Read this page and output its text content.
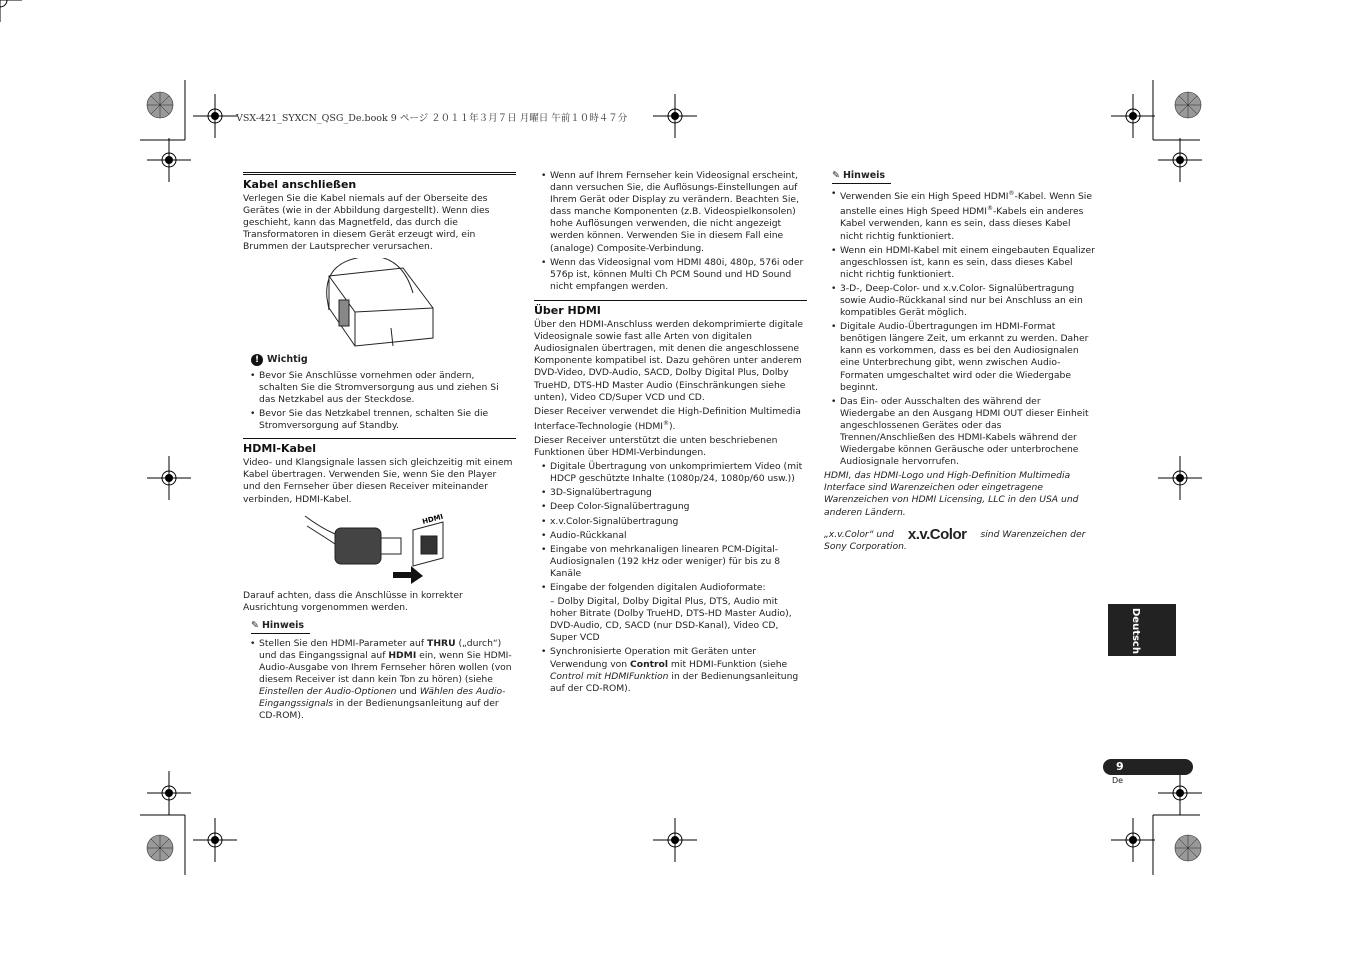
VSX-421_SYXCN_QSG_De.book 9 ページ ２０１１年３月７日 月曜日 午前１０時４７分
Kabel anschließen

Verlegen Sie die Kabel niemals auf der Oberseite des Gerätes (wie in der Abbildung dargestellt). Wenn dies geschieht, kann das Magnetfeld, das durch die Transformatoren in diesem Gerät erzeugt wird, ein Brummen der Lautsprecher verursachen.

! Wichtig
• Bevor Sie Anschlüsse vornehmen oder ändern, schalten Sie die Stromversorgung aus und ziehen Si das Netzkabel aus der Steckdose.
• Bevor Sie das Netzkabel trennen, schalten Sie die Stromversorgung auf Standby.
HDMI-Kabel

Video- und Klangsignale lassen sich gleichzeitig mit einem Kabel übertragen. Verwenden Sie, wenn Sie den Player und den Fernseher über diesen Receiver miteinander verbinden, HDMI-Kabel.

HDMI

Darauf achten, dass die Anschlüsse in korrekter Ausrichtung vorgenommen werden.

✎ Hinweis
• Stellen Sie den HDMI-Parameter auf THRU („durch“) und das Eingangssignal auf HDMI ein, wenn Sie HDMI-Audio-Ausgabe von Ihrem Fernseher hören wollen (von diesem Receiver ist dann kein Ton zu hören) (siehe Einstellen der Audio-Optionen und Wählen des Audio-Eingangssignals in der Bedienungsanleitung auf der CD-ROM).
• Wenn auf Ihrem Fernseher kein Videosignal erscheint, dann versuchen Sie, die Auflösungs-Einstellungen auf Ihrem Gerät oder Display zu verändern. Beachten Sie, dass manche Komponenten (z.B. Videospielkonsolen) hohe Auflösungen verwenden, die nicht angezeigt werden können. Verwenden Sie in diesem Fall eine (analoge) Composite-Verbindung.
• Wenn das Videosignal vom HDMI 480i, 480p, 576i oder 576p ist, können Multi Ch PCM Sound und HD Sound nicht empfangen werden.
Über HDMI

Über den HDMI-Anschluss werden dekomprimierte digitale Videosignale sowie fast alle Arten von digitalen Audiosignalen übertragen, mit denen die angeschlossene Komponente kompatibel ist. Dazu gehören unter anderem DVD-Video, DVD-Audio, SACD, Dolby Digital Plus, Dolby TrueHD, DTS-HD Master Audio (Einschränkungen siehe unten), Video CD/Super VCD und CD.

Dieser Receiver verwendet die High-Definition Multimedia Interface-Technologie (HDMI®).

Dieser Receiver unterstützt die unten beschriebenen Funktionen über HDMI-Verbindungen.

• Digitale Übertragung von unkomprimiertem Video (mit HDCP geschützte Inhalte (1080p/24, 1080p/60 usw.))
• 3D-Signalübertragung
• Deep Color-Signalübertragung
• x.v.Color-Signalübertragung
• Audio-Rückkanal
• Eingabe von mehrkanaligen linearen PCM-Digital-Audiosignalen (192 kHz oder weniger) für bis zu 8 Kanäle
• Eingabe der folgenden digitalen Audioformate:
– Dolby Digital, Dolby Digital Plus, DTS, Audio mit hoher Bitrate (Dolby TrueHD, DTS-HD Master Audio), DVD-Audio, CD, SACD (nur DSD-Kanal), Video CD, Super VCD
• Synchronisierte Operation mit Geräten unter Verwendung von Control mit HDMI-Funktion (siehe Control mit HDMIFunktion in der Bedienungsanleitung auf der CD-ROM).
✎ Hinweis
• Verwenden Sie ein High Speed HDMI®-Kabel. Wenn Sie anstelle eines High Speed HDMI®-Kabels ein anderes Kabel verwenden, kann es sein, dass dieses Kabel nicht richtig funktioniert.
• Wenn ein HDMI-Kabel mit einem eingebauten Equalizer angeschlossen ist, kann es sein, dass dieses Kabel nicht richtig funktioniert.
• 3-D-, Deep-Color- und x.v.Color- Signalübertragung sowie Audio-Rückkanal sind nur bei Anschluss an ein kompatibles Gerät möglich.
• Digitale Audio-Übertragungen im HDMI-Format benötigen längere Zeit, um erkannt zu werden. Daher kann es vorkommen, dass es bei den Audiosignalen eine Unterbrechung gibt, wenn zwischen Audio-Formaten umgeschaltet wird oder die Wiedergabe beginnt.
• Das Ein- oder Ausschalten des während der Wiedergabe an den Ausgang HDMI OUT dieser Einheit angeschlossenen Gerätes oder das Trennen/Anschließen des HDMI-Kabels während der Wiedergabe können Geräusche oder unterbrochene Audiosignale hervorrufen.

HDMI, das HDMI-Logo und High-Definition Multimedia Interface sind Warenzeichen oder eingetragene Warenzeichen von HDMI Licensing, LLC in den USA und anderen Ländern.

„x.v.Color“ und x.v.Color sind Warenzeichen der

Sony Corporation.

Deutsch
9
De
